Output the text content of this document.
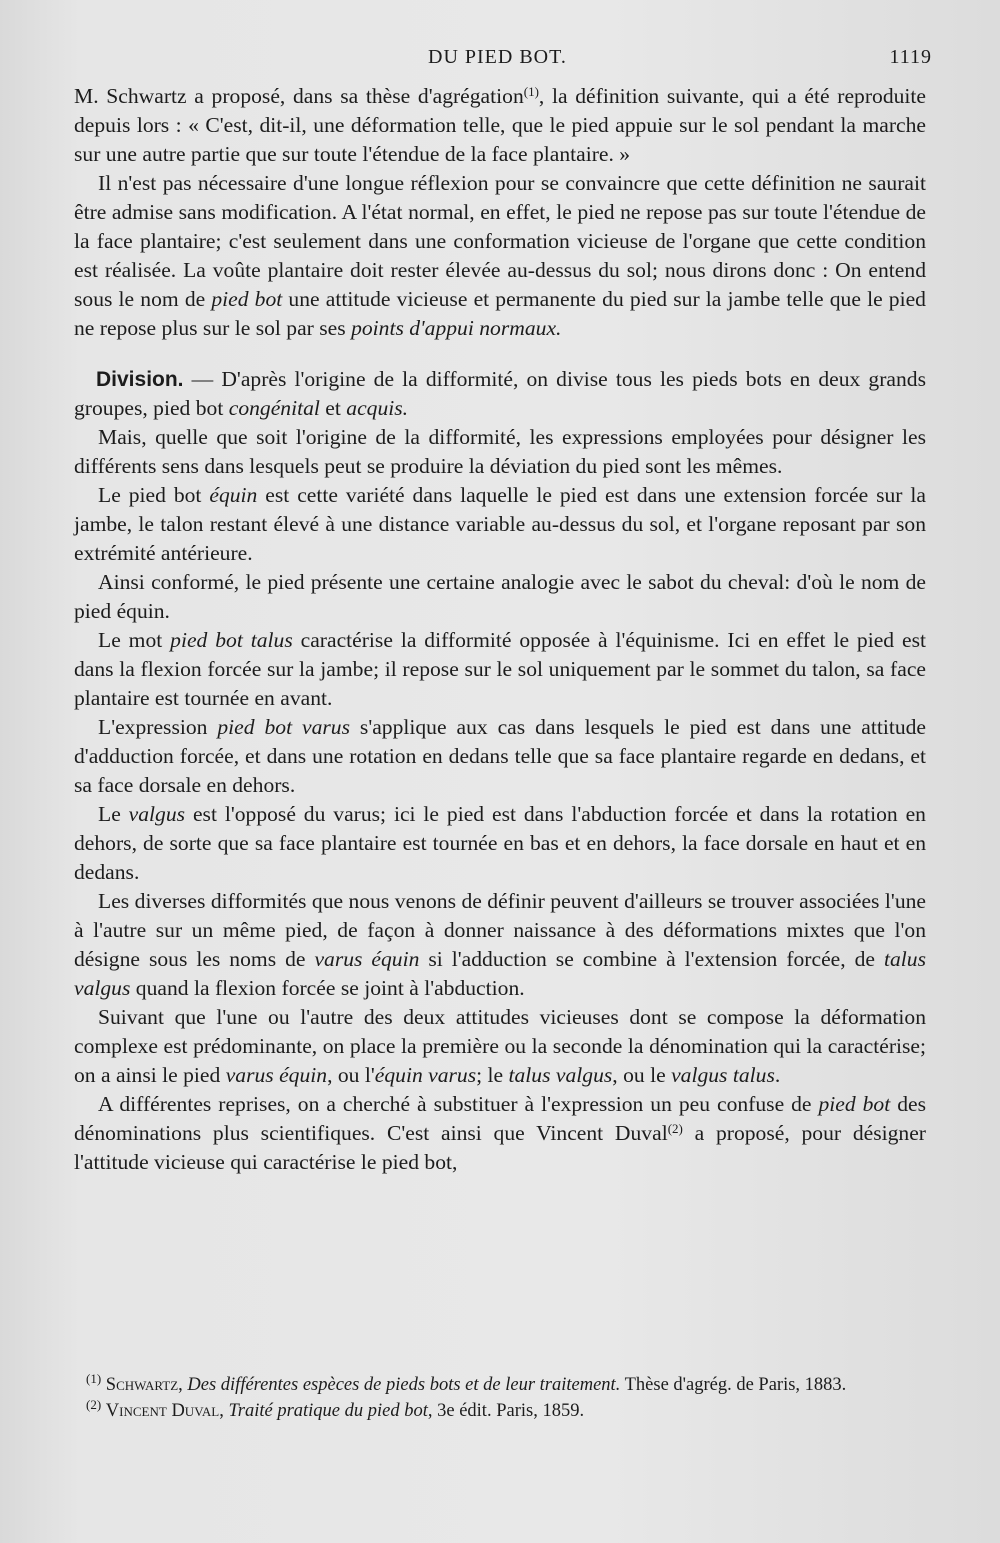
DU PIED BOT.	1119

M. Schwartz a proposé, dans sa thèse d'agrégation$^{(1)}$, la définition suivante, qui a été reproduite depuis lors : « C'est, dit-il, une déformation telle, que le pied appuie sur le sol pendant la marche sur une autre partie que sur toute l'étendue de la face plantaire. »

Il n'est pas nécessaire d'une longue réflexion pour se convaincre que cette définition ne saurait être admise sans modification. A l'état normal, en effet, le pied ne repose pas sur toute l'étendue de la face plantaire; c'est seulement dans une conformation vicieuse de l'organe que cette condition est réalisée. La voûte plantaire doit rester élevée au-dessus du sol; nous dirons donc : On entend sous le nom de pied bot une attitude vicieuse et permanente du pied sur la jambe telle que le pied ne repose plus sur le sol par ses points d'appui normaux.

Division. — D'après l'origine de la difformité, on divise tous les pieds bots en deux grands groupes, pied bot congénital et acquis.

Mais, quelle que soit l'origine de la difformité, les expressions employées pour désigner les différents sens dans lesquels peut se produire la déviation du pied sont les mêmes.

Le pied bot équin est cette variété dans laquelle le pied est dans une extension forcée sur la jambe, le talon restant élevé à une distance variable au-dessus du sol, et l'organe reposant par son extrémité antérieure.

Ainsi conformé, le pied présente une certaine analogie avec le sabot du cheval: d'où le nom de pied équin.

Le mot pied bot talus caractérise la difformité opposée à l'équinisme. Ici en effet le pied est dans la flexion forcée sur la jambe; il repose sur le sol uniquement par le sommet du talon, sa face plantaire est tournée en avant.

L'expression pied bot varus s'applique aux cas dans lesquels le pied est dans une attitude d'adduction forcée, et dans une rotation en dedans telle que sa face plantaire regarde en dedans, et sa face dorsale en dehors.

Le valgus est l'opposé du varus; ici le pied est dans l'abduction forcée et dans la rotation en dehors, de sorte que sa face plantaire est tournée en bas et en dehors, la face dorsale en haut et en dedans.

Les diverses difformités que nous venons de définir peuvent d'ailleurs se trouver associées l'une à l'autre sur un même pied, de façon à donner naissance à des déformations mixtes que l'on désigne sous les noms de varus équin si l'adduction se combine à l'extension forcée, de talus valgus quand la flexion forcée se joint à l'abduction.

Suivant que l'une ou l'autre des deux attitudes vicieuses dont se compose la déformation complexe est prédominante, on place la première ou la seconde la dénomination qui la caractérise; on a ainsi le pied varus équin, ou l'équin varus; le talus valgus, ou le valgus talus.

A différentes reprises, on a cherché à substituer à l'expression un peu confuse de pied bot des dénominations plus scientifiques. C'est ainsi que Vincent Duval$^{(2)}$ a proposé, pour désigner l'attitude vicieuse qui caractérise le pied bot,

$^{(1)}$ Schwartz, Des différentes espèces de pieds bots et de leur traitement. Thèse d'agrég. de Paris, 1883.

$^{(2)}$ Vincent Duval, Traité pratique du pied bot, 3e édit. Paris, 1859.
